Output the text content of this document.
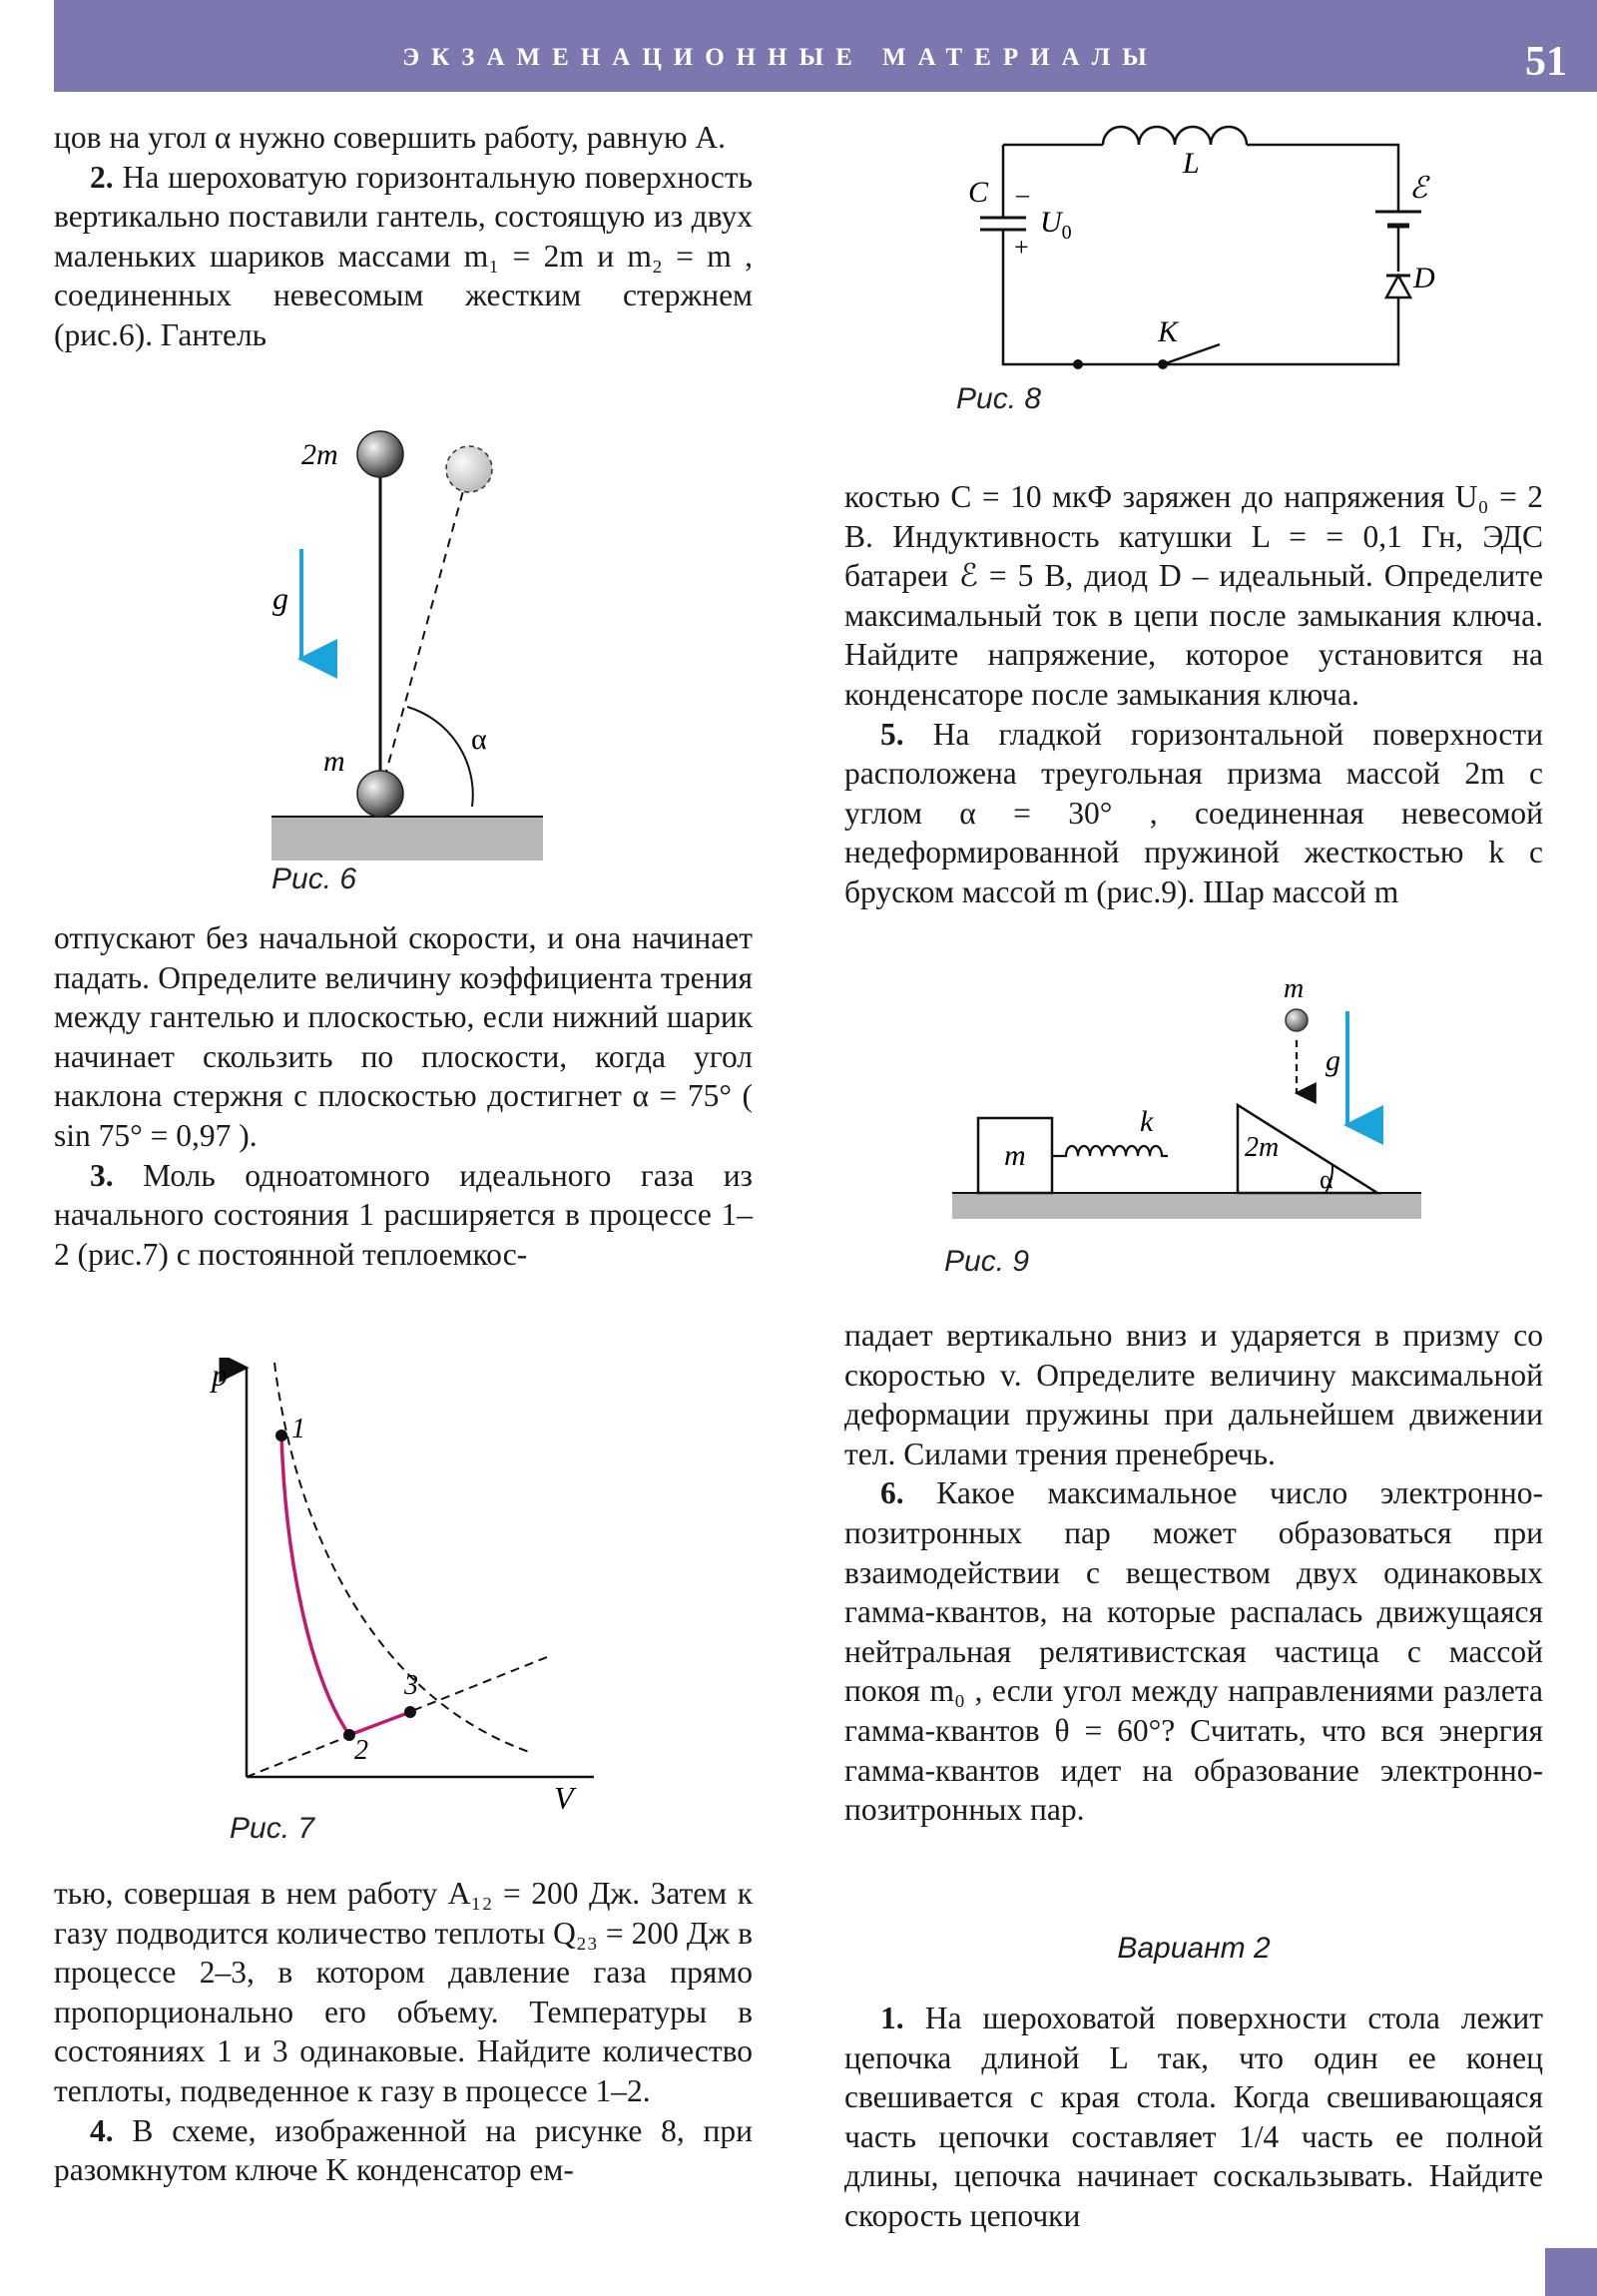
ЭКЗАМЕНАЦИОННЫЕ МАТЕРИАЛЫ	51

цов на угол α нужно совершить работу, равную A.

2. На шероховатую горизонтальную поверхность вертикально поставили гантель, состоящую из двух маленьких шариков массами m₁ = 2m и m₂ = m , соединенных невесомым жестким стержнем (рис.6). Гантель

2m
g
m
α
Рис. 6

отпускают без начальной скорости, и она начинает падать. Определите величину коэффициента трения между гантелью и плоскостью, если нижний шарик начинает скользить по плоскости, когда угол наклона стержня с плоскостью достигнет α = 75° ( sin 75° = 0,97 ).

3. Моль одноатомного идеального газа из начального состояния 1 расширяется в процессе 1–2 (рис.7) с постоянной теплоемкос-

p
V
1
2
3
Рис. 7

тью, совершая в нем работу A₁₂ = 200 Дж. Затем к газу подводится количество теплоты Q₂₃ = 200 Дж в процессе 2–3, в котором давление газа прямо пропорционально его объему. Температуры в состояниях 1 и 3 одинаковые. Найдите количество теплоты, подведенное к газу в процессе 1–2.

4. В схеме, изображенной на рисунке 8, при разомкнутом ключе K конденсатор ем-

L
C –
+
$U_0$
ℰ
D
K
Рис. 8

костью C = 10 мкФ заряжен до напряжения U₀ = 2 В. Индуктивность катушки L = = 0,1 Гн, ЭДС батареи ℰ = 5 В, диод D – идеальный. Определите максимальный ток в цепи после замыкания ключа. Найдите напряжение, которое установится на конденсаторе после замыкания ключа.

5. На гладкой горизонтальной поверхности расположена треугольная призма массой 2m с углом α = 30° , соединенная невесомой недеформированной пружиной жесткостью k с бруском массой m (рис.9). Шар массой m

m
k
2m
α
m
g
Рис. 9

падает вертикально вниз и ударяется в призму со скоростью v. Определите величину максимальной деформации пружины при дальнейшем движении тел. Силами трения пренебречь.

6. Какое максимальное число электронно-позитронных пар может образоваться при взаимодействии с веществом двух одинаковых гамма-квантов, на которые распалась движущаяся нейтральная релятивистская частица с массой покоя m₀ , если угол между направлениями разлета гамма-квантов θ = 60°? Считать, что вся энергия гамма-квантов идет на образование электронно-позитронных пар.

Вариант 2

1. На шероховатой поверхности стола лежит цепочка длиной L так, что один ее конец свешивается с края стола. Когда свешивающаяся часть цепочки составляет 1/4 часть ее полной длины, цепочка начинает соскальзывать. Найдите скорость цепочки
